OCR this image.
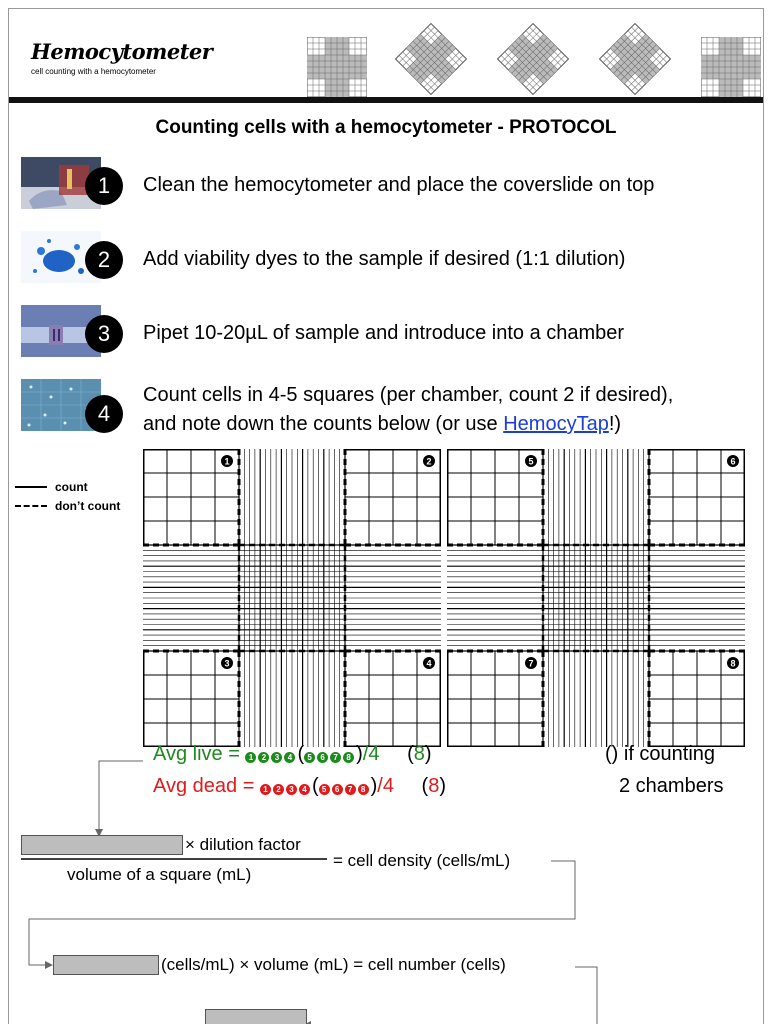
Hemocytometer
cell counting with a hemocytometer
Counting cells with a hemocytometer - PROTOCOL
1	Clean the hemocytometer and place the coverslide on top
2	Add viability dyes to the sample if desired (1:1 dilution)
3	Pipet 10-20µL of sample and introduce into a chamber
4
Count cells in 4-5 squares (per chamber, count 2 if desired),
and note down the counts below (or use HemocyTap!)
count
don’t count
1	2
3	4
5	6
7	8
Avg live = 1 2 3 4 ( 5 6 7 8 )/4 (8)
Avg dead = 1 2 3 4 ( 5 6 7 8 )/4 (8)
() if counting
2 chambers
× dilution factor
volume of a square (mL)
= cell density (cells/mL)
(cells/mL) × volume (mL) = cell number (cells)
